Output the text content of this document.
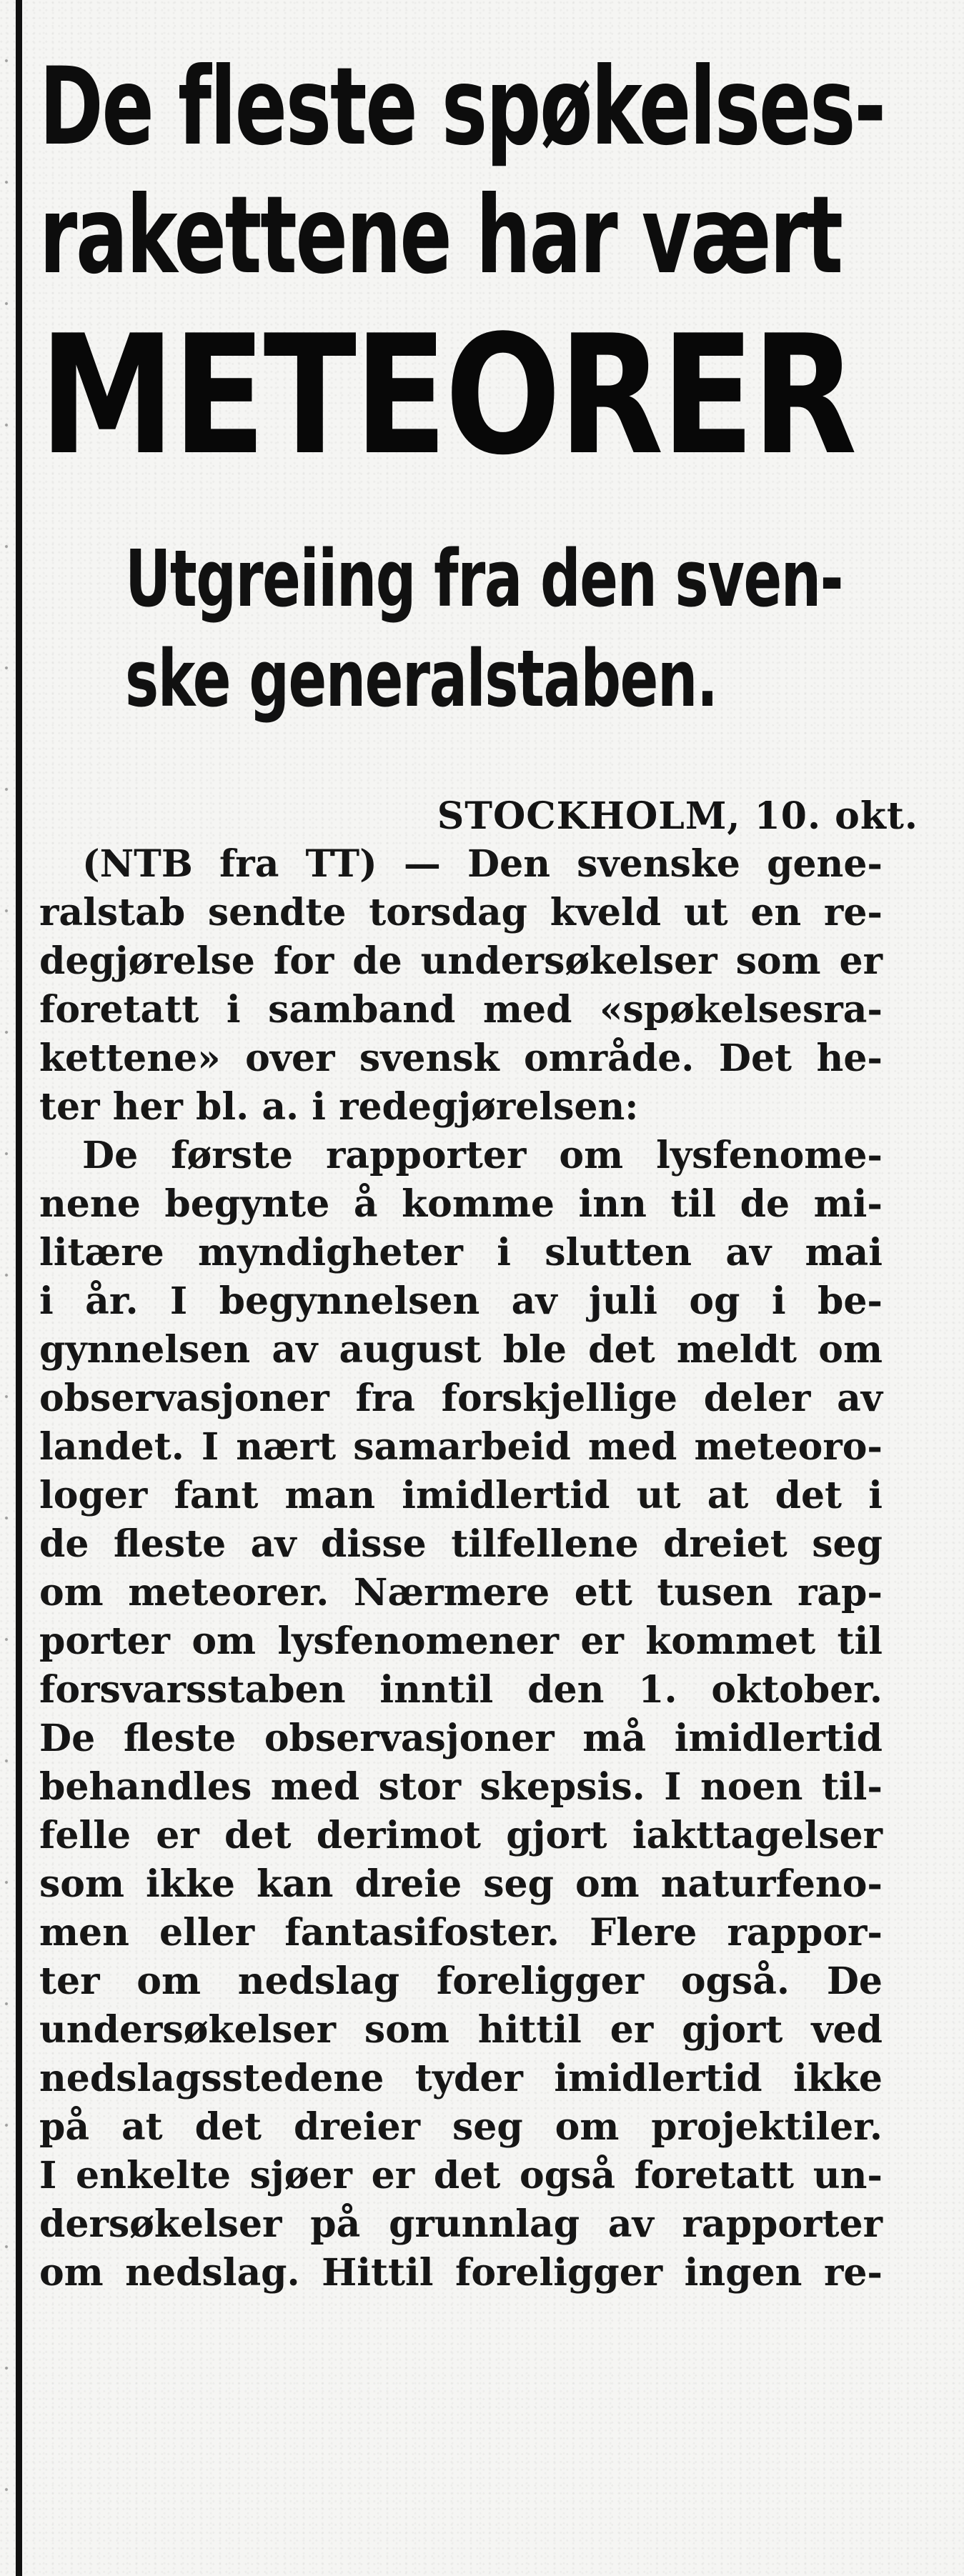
De fleste spøkelses-
rakettene har vært
METEORER
Utgreiing fra den sven-
ske generalstaben.
STOCKHOLM, 10. okt.
(NTB fra TT) — Den svenske gene-
ralstab sendte torsdag kveld ut en re-
degjørelse for de undersøkelser som er
foretatt i samband med «spøkelsesra-
kettene» over svensk område. Det he-
ter her bl. a. i redegjørelsen:
De første rapporter om lysfenome-
nene begynte å komme inn til de mi-
litære myndigheter i slutten av mai
i år. I begynnelsen av juli og i be-
gynnelsen av august ble det meldt om
observasjoner fra forskjellige deler av
landet. I nært samarbeid med meteoro-
loger fant man imidlertid ut at det i
de fleste av disse tilfellene dreiet seg
om meteorer. Nærmere ett tusen rap-
porter om lysfenomener er kommet til
forsvarsstaben inntil den 1. oktober.
De fleste observasjoner må imidlertid
behandles med stor skepsis. I noen til-
felle er det derimot gjort iakttagelser
som ikke kan dreie seg om naturfeno-
men eller fantasifoster. Flere rappor-
ter om nedslag foreligger også. De
undersøkelser som hittil er gjort ved
nedslagsstedene tyder imidlertid ikke
på at det dreier seg om projektiler.
I enkelte sjøer er det også foretatt un-
dersøkelser på grunnlag av rapporter
om nedslag. Hittil foreligger ingen re-
